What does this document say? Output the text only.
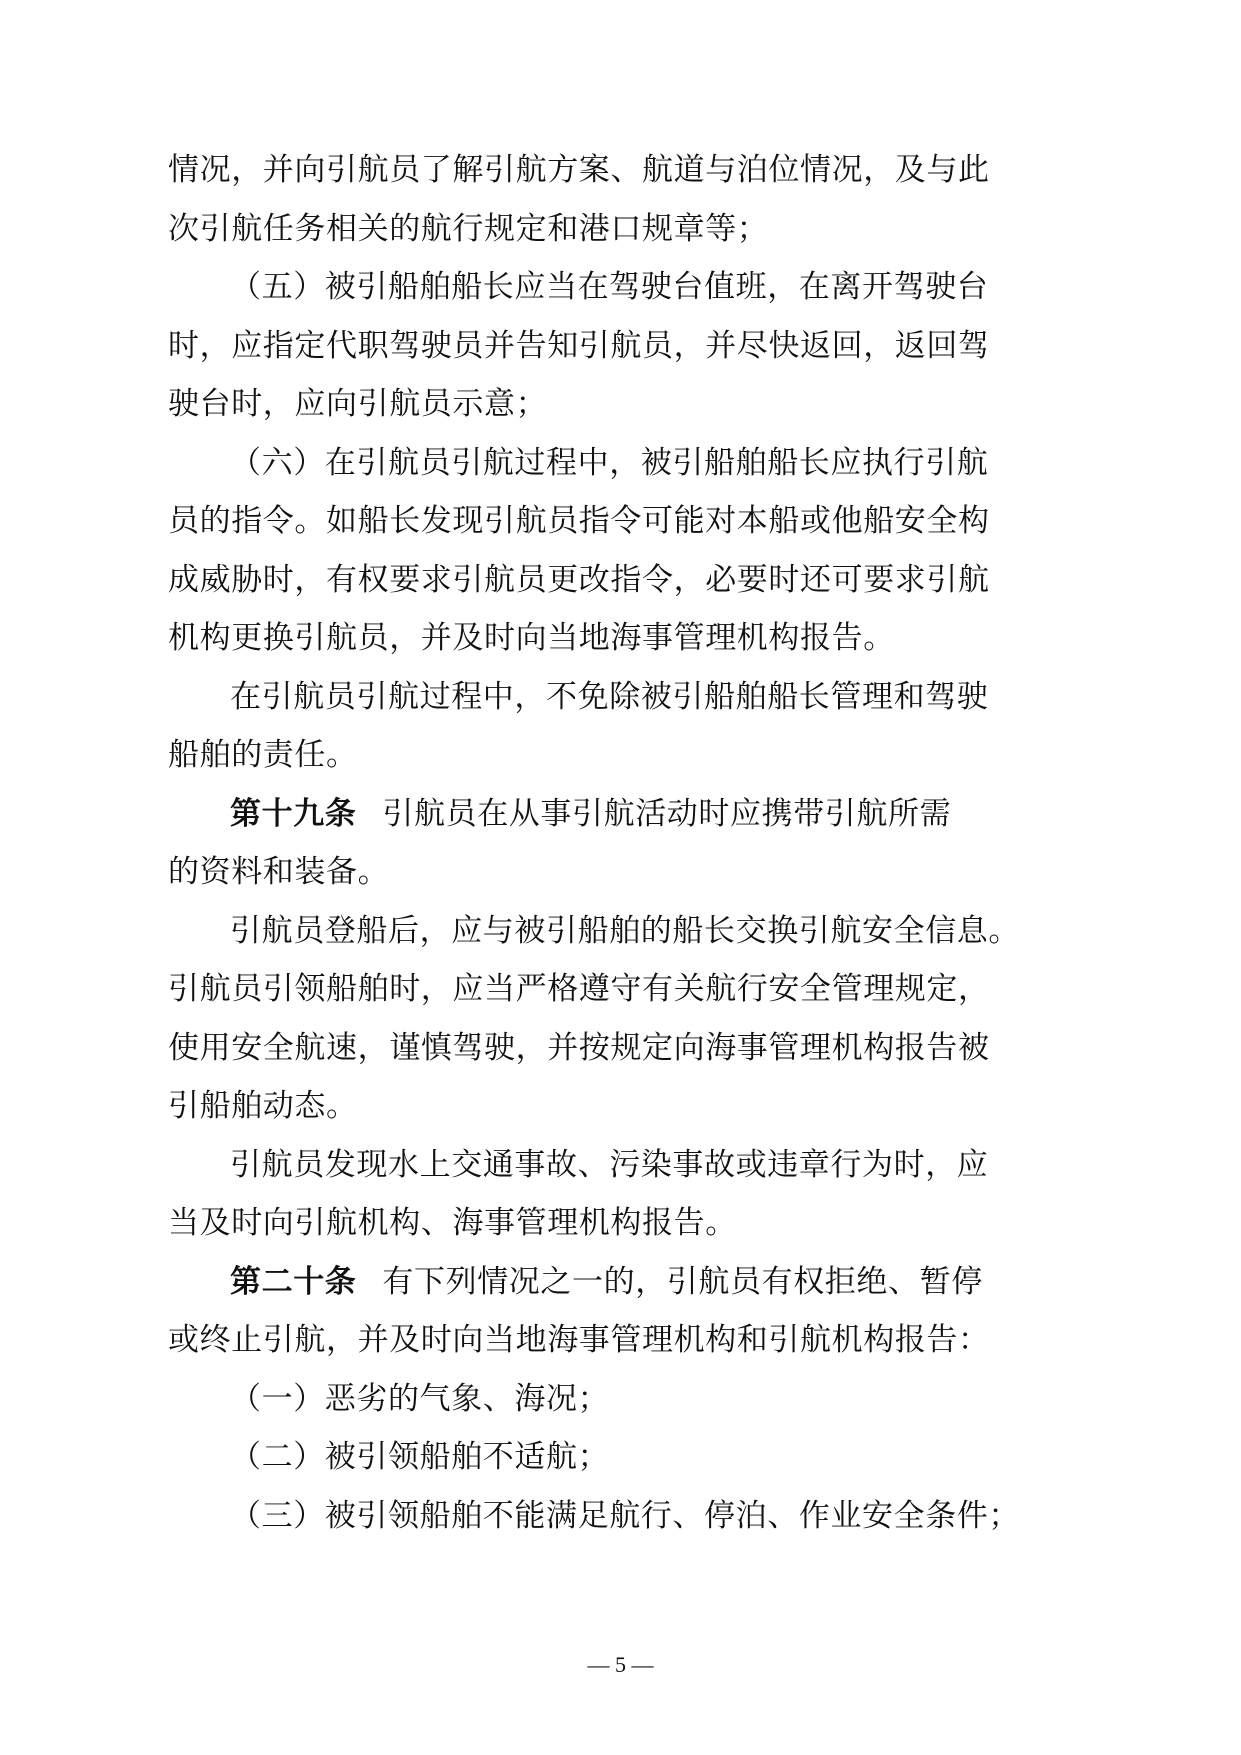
情况，并向引航员了解引航方案、航道与泊位情况，及与此
次引航任务相关的航行规定和港口规章等；
（五）被引船舶船长应当在驾驶台值班，在离开驾驶台
时，应指定代职驾驶员并告知引航员，并尽快返回，返回驾
驶台时，应向引航员示意；
（六）在引航员引航过程中，被引船舶船长应执行引航
员的指令。如船长发现引航员指令可能对本船或他船安全构
成威胁时，有权要求引航员更改指令，必要时还可要求引航
机构更换引航员，并及时向当地海事管理机构报告。
在引航员引航过程中，不免除被引船舶船长管理和驾驶
船舶的责任。
第十九条 引航员在从事引航活动时应携带引航所需
的资料和装备。
引航员登船后，应与被引船舶的船长交换引航安全信息。
引航员引领船舶时，应当严格遵守有关航行安全管理规定，
使用安全航速，谨慎驾驶，并按规定向海事管理机构报告被
引船舶动态。
引航员发现水上交通事故、污染事故或违章行为时，应
当及时向引航机构、海事管理机构报告。
第二十条 有下列情况之一的，引航员有权拒绝、暂停
或终止引航，并及时向当地海事管理机构和引航机构报告：
（一）恶劣的气象、海况；
（二）被引领船舶不适航；
（三）被引领船舶不能满足航行、停泊、作业安全条件；
— 5 —
